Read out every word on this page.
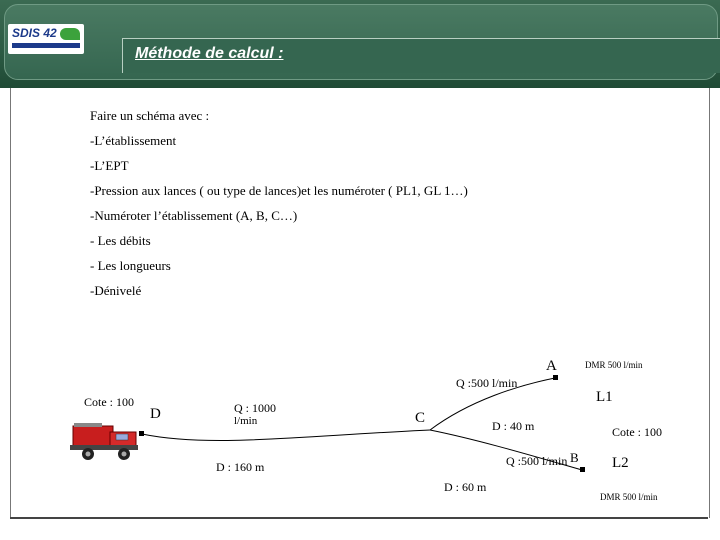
SDIS 42
Méthode de calcul :
Faire un schéma avec :
-L’établissement
-L’EPT
-Pression aux lances ( ou type de lances)et les numéroter ( PL1, GL 1…)
-Numéroter l’établissement (A, B, C…)
- Les débits
- Les longueurs
-Dénivelé
Cote : 100
D	Q : 1000
l/min
D : 160 m
C
A	DMR 500 l/min
Q :500 l/min
L1
D : 40 m	Cote : 100
Q :500 l/min B L2
D : 60 m
DMR 500 l/min
